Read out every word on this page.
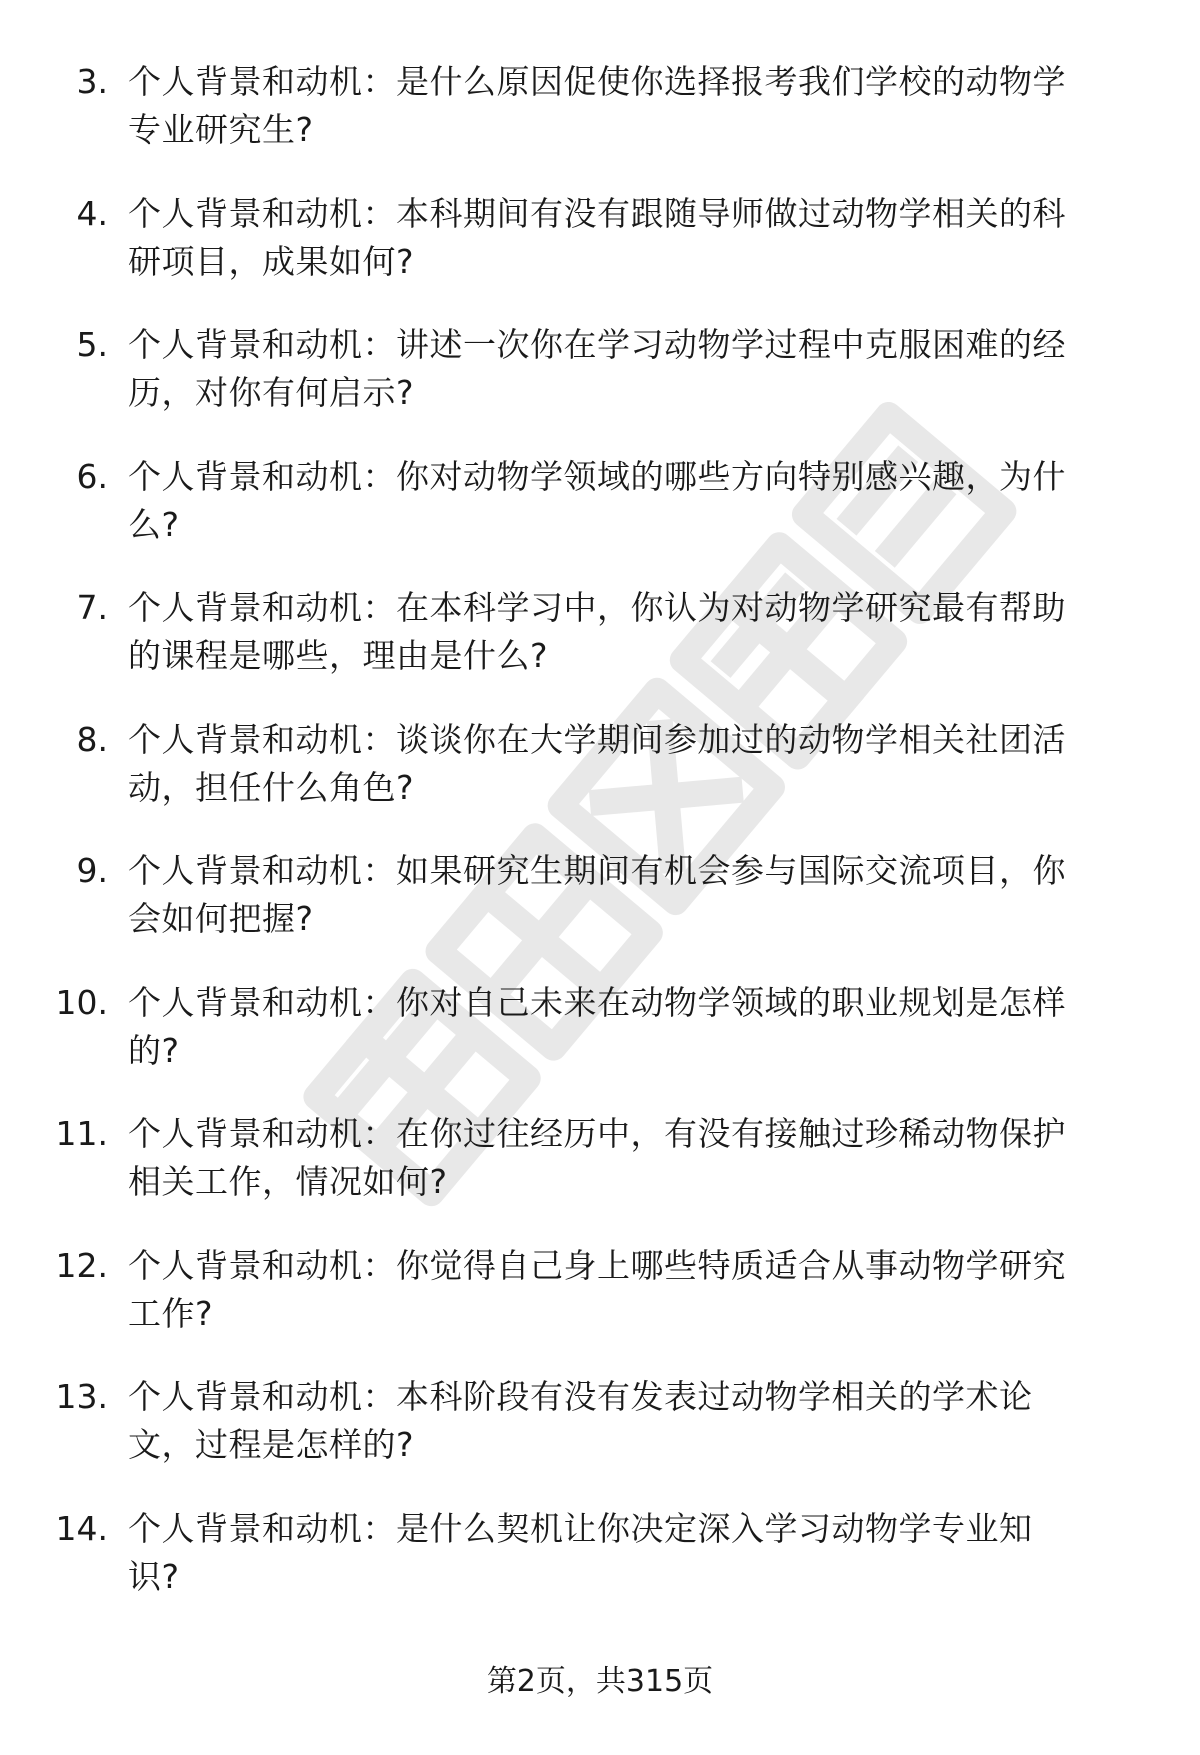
3. 个人背景和动机：是什么原因促使你选择报考我们学校的动物学
专业研究生?
4. 个人背景和动机：本科期间有没有跟随导师做过动物学相关的科
研项目，成果如何?
5. 个人背景和动机：讲述一次你在学习动物学过程中克服困难的经
历，对你有何启示?
6. 个人背景和动机：你对动物学领域的哪些方向特别感兴趣，为什
么?
7. 个人背景和动机：在本科学习中，你认为对动物学研究最有帮助
的课程是哪些，理由是什么?
8. 个人背景和动机：谈谈你在大学期间参加过的动物学相关社团活
动，担任什么角色?
9. 个人背景和动机：如果研究生期间有机会参与国际交流项目，你
会如何把握?
10. 个人背景和动机：你对自己未来在动物学领域的职业规划是怎样
的?
11. 个人背景和动机：在你过往经历中，有没有接触过珍稀动物保护
相关工作，情况如何?
12. 个人背景和动机：你觉得自己身上哪些特质适合从事动物学研究
工作?
13. 个人背景和动机：本科阶段有没有发表过动物学相关的学术论
文，过程是怎样的?
14. 个人背景和动机：是什么契机让你决定深入学习动物学专业知
识?
第2页，共315页
